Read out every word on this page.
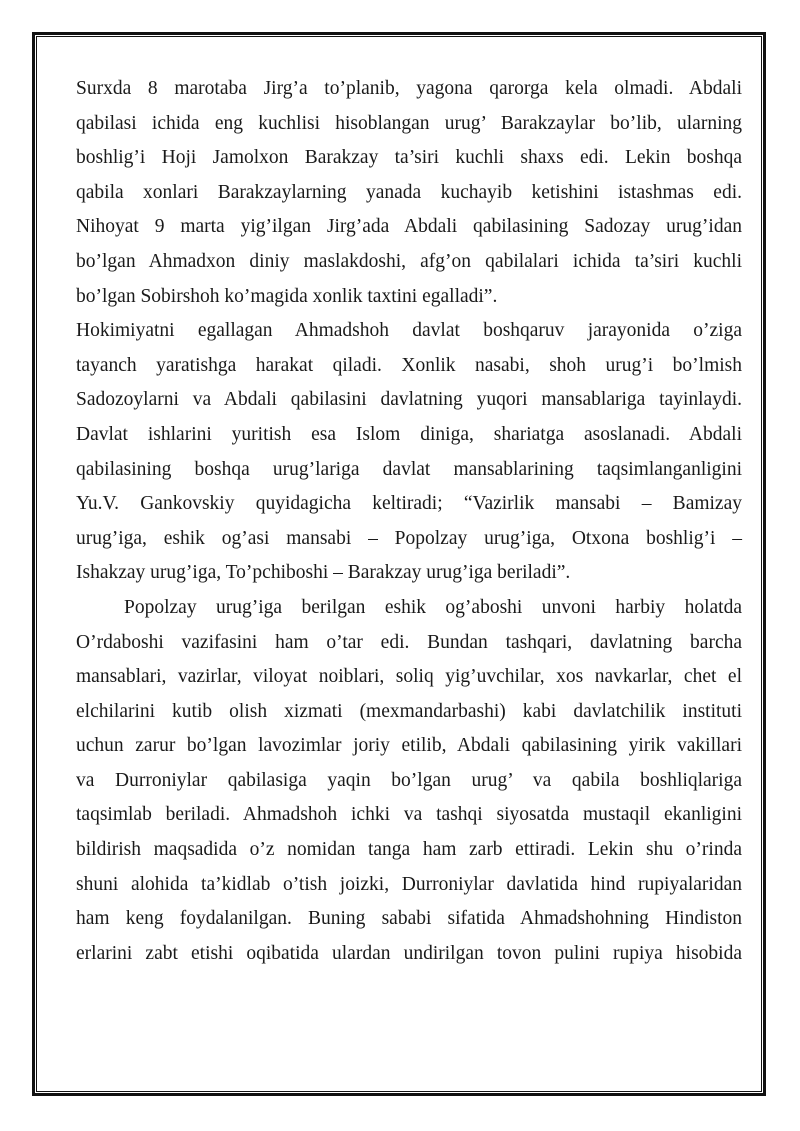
Surxda 8 marotaba Jirg’a to’planib, yagona qarorga kela olmadi. Abdali
qabilasi ichida eng kuchlisi hisoblangan urug’ Barakzaylar bo’lib, ularning
boshlig’i Hoji Jamolxon Barakzay ta’siri kuchli shaxs edi. Lekin boshqa
qabila xonlari Barakzaylarning yanada kuchayib ketishini istashmas edi.
Nihoyat 9 marta yig’ilgan Jirg’ada Abdali qabilasining Sadozay urug’idan
bo’lgan Ahmadxon diniy maslakdoshi, afg’on qabilalari ichida ta’siri kuchli
bo’lgan Sobirshoh ko’magida xonlik taxtini egalladi”.

Hokimiyatni egallagan Ahmadshoh davlat boshqaruv jarayonida o’ziga
tayanch yaratishga harakat qiladi. Xonlik nasabi, shoh urug’i bo’lmish
Sadozoylarni va Abdali qabilasini davlatning yuqori mansablariga tayinlaydi.
Davlat ishlarini yuritish esa Islom diniga, shariatga asoslanadi. Abdali
qabilasining boshqa urug’lariga davlat mansablarining taqsimlanganligini
Yu.V. Gankovskiy quyidagicha keltiradi; “Vazirlik mansabi – Bamizay
urug’iga, eshik og’asi mansabi – Popolzay urug’iga, Otxona boshlig’i –
Ishakzay urug’iga, To’pchiboshi – Barakzay urug’iga beriladi”.

Popolzay urug’iga berilgan eshik og’aboshi unvoni harbiy holatda
O’rdaboshi vazifasini ham o’tar edi. Bundan tashqari, davlatning barcha
mansablari, vazirlar, viloyat noiblari, soliq yig’uvchilar, xos navkarlar, chet el
elchilarini kutib olish xizmati (mexmandarbashi) kabi davlatchilik instituti
uchun zarur bo’lgan lavozimlar joriy etilib, Abdali qabilasining yirik vakillari
va Durroniylar qabilasiga yaqin bo’lgan urug’ va qabila boshliqlariga
taqsimlab beriladi. Ahmadshoh ichki va tashqi siyosatda mustaqil ekanligini
bildirish maqsadida o’z nomidan tanga ham zarb ettiradi. Lekin shu o’rinda
shuni alohida ta’kidlab o’tish joizki, Durroniylar davlatida hind rupiyalaridan
ham keng foydalanilgan. Buning sababi sifatida Ahmadshohning Hindiston
erlarini zabt etishi oqibatida ulardan undirilgan tovon pulini rupiya hisobida
